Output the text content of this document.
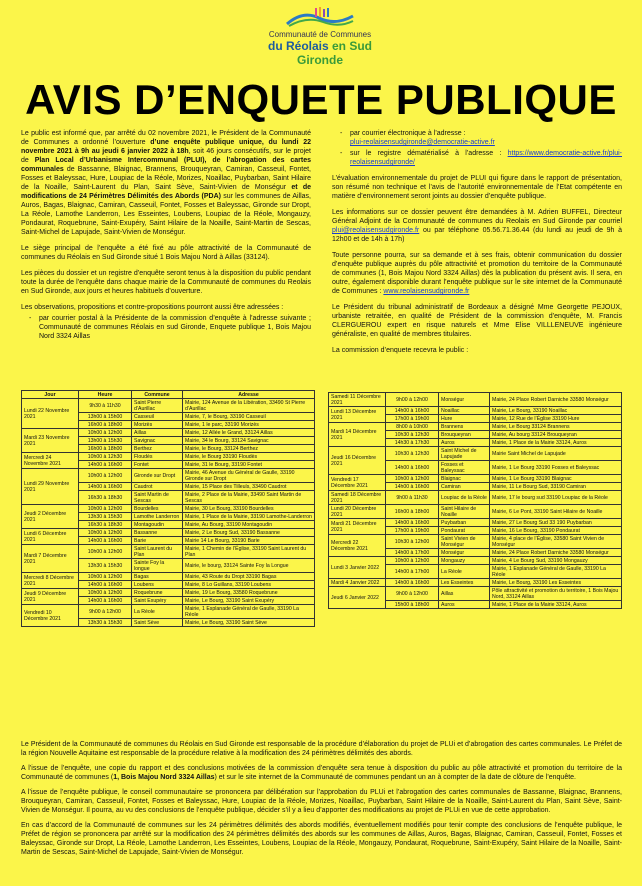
Communauté de Communes
du Réolais en Sud Gironde
AVIS D’ENQUETE PUBLIQUE

Le public est informé que, par arrêté du 02 novembre 2021, le Président de la Communauté de Communes a ordonné l’ouverture d’une enquête publique unique, du lundi 22 novembre 2021 à 9h au jeudi 6 janvier 2022 à 18h, soit 46 jours consécutifs, sur le projet de Plan Local d’Urbanisme Intercommunal (PLUI), de l’abrogation des cartes communales de Bassanne, Blaignac, Brannens, Brouqueyran, Camiran, Casseuil, Fontet, Fosses et Baleyssac, Hure, Loupiac de la Réole, Morizes, Noaillac, Puybarban, Saint Hilaire de la Noaille, Saint-Laurent du Plan, Saint Sève, Saint-Vivien de Monségur et de modifications de 24 Périmètres Délimités des Abords (PDA) sur les communes de Aillas, Auros, Bagas, Blaignac, Camiran, Casseuil, Fontet, Fosses et Baleyssac, Gironde sur Dropt, La Réole, Lamothe Landerron, Les Esseintes, Loubens, Loupiac de la Réole, Mongauzy, Pondaurat, Roquebrune, Saint-Exupéry, Saint Hilaire de la Noaille, Saint-Martin de Sescas, Saint-Michel de Lapujade, Saint-Vivien de Monségur.

Le siège principal de l’enquête a été fixé au pôle attractivité de la Communauté de communes du Réolais en Sud Gironde situé 1 Bois Majou Nord à Aillas (33124).

Les pièces du dossier et un registre d’enquête seront tenus à la disposition du public pendant toute la durée de l’enquête dans chaque mairie de la Communauté de communes du Reolais en Sud Gironde, aux jours et heures habituels d’ouverture.

Les observations, propositions et contre-propositions pourront aussi être adressées :

- par courrier postal à la Présidente de la commission d’enquête à l’adresse suivante ; Communauté de communes Réolais en sud Gironde, Enquete publique 1, Bois Majou Nord 3324 Aillas
- par courrier électronique à l’adresse :
plui-reolaisensudgironde@democratie-active.fr
- sur le registre dématérialisé à l’adresse : https://www.democratie-active.fr/plui-reolaisensudgironde/

L’évaluation environnementale du projet de PLUI qui figure dans le rapport de présentation, son résumé non technique et l’avis de l’autorité environnementale de l’Etat compétente en matière d’environnement seront joints au dossier d’enquête publique.

Les informations sur ce dossier peuvent être demandées à M. Adrien BUFFEL, Directeur Général Adjoint de la Communauté de communes du Reolais en Sud Gironde par courriel plui@reolaisensudgironde.fr ou par téléphone 05.56.71.36.44 (du lundi au jeudi de 9h à 12h00 et de 14h à 17h)

Toute personne pourra, sur sa demande et à ses frais, obtenir communication du dossier d’enquête publique auprès du pôle attractivité et promotion du territoire de la Communauté de communes (1, Bois Majou Nord 3324 Aillas) dès la publication du présent avis. Il sera, en outre, également disponible durant l’enquête publique sur le site internet de la Communauté de Communes : www.reolaisensudgironde.fr

Le Président du tribunal administratif de Bordeaux a désigné Mme Georgette PEJOUX, urbaniste retraitée, en qualité de Président de la commission d’enquête, M. Francis CLERGUEROU expert en risque naturels et Mme Elise VILLLENEUVE ingénieure généraliste, en qualité de membres titulaires.

La commission d’enquete recevra le public :

Jour	Heure	Commune	Adresse
Lundi 22 Novembre 2021	9h30 à 11h30	Saint Pierre d’Aurillac	Mairie, 124 Avenue de la Libération, 33490 St Pierre d’Aurillac
	13h00 à 15h00	Casseuil	Mairie, 7, le Bourg, 33190 Casseuil
	16h00 à 18h00	Morizès	Mairie, 1 le parc, 33190 Morizès
Mardi 23 Novembre 2021	10h00 à 12h00	Aillas	Mairie, 12 Allée le Grand, 33124 Aillas
	13h00 à 15h30	Savignac	Mairie, 34 le Bourg, 33124 Savignac
	16h00 à 18h00	Berthez	Mairie, le Bourg, 33124 Berthez
Mercredi 24 Novembre 2021	10h00 à 12h30	Floudès	Mairie, le Bourg 33190 Floudès
	14h00 à 16h00	Fontet	Mairie, 31 le Bourg, 33190 Fontet
Lundi 29 Novembre 2021	10h00 à 12h00	Gironde sur Dropt	Mairie, 46 Avenue du Général de Gaulle, 33190 Gironde sur Dropt
	14h00 à 16h00	Caudrot	Mairie, 15 Place des Tilleuls, 33490 Caudrot
	16h30 à 18h30	Saint Martin de Sescas	Mairie, 2 Place de la Mairie, 33490 Saint Martin de Sescas
Jeudi 2 Décembre 2021	10h00 à 12h00	Bourdelles	Mairie, 30 Le Bourg, 33190 Bourdelles
	13h30 à 15h30	Lamothe Landerron	Mairie, 1 Place de la Mairie, 33190 Lamothe-Landerron
	16h30 à 18h30	Montagoudin	Mairie, Au Bourg, 33190 Montagoudin
Lundi 6 Décembre 2021	10h00 à 12h00	Bassanne	Mairie, 2 Le Bourg Sud, 33190 Bassanne
	14h00 à 16h00	Barie	Mairie 14 Le Bourg, 33190 Barie
Mardi 7 Décembre 2021	10h00 à 12h00	Saint Laurent du Plan	Mairie, 1 Chemin de l’Église, 33190 Saint Laurent du Plan
	13h30 à 15h30	Sainte Foy la longue	Mairie, le bourg, 33124 Sainte Foy la Longue
Mercredi 8 Décembre 2021	10h00 à 12h00	Bagas	Mairie, 43 Route du Dropt 33190 Bagas
	14h00 à 16h00	Loubens	Mairie, 8 Lo Guillans, 33190 Loubens
Jeudi 9 Décembre 2021	10h00 à 12h00	Roquebrune	Mairie, 19 Le Bourg, 33580 Roquebrune
	14h00 à 16h00	Saint Exupéry	Mairie, Le Bourg, 33190 Saint Exupéry
Vendredi 10 Décembre 2021	9h00 à 12h00	La Réole	Mairie, 1 Esplanade Général de Gaulle, 33190 La Réole
	13h30 à 15h30	Saint Sève	Mairie, Le Bourg, 33190 Saint Sève
Samedi 11 Décembre 2021	9h00 à 12h00	Monségur	Mairie, 24 Place Robert Darniche 33580 Monségur
Lundi 13 Décembre 2021	14h00 à 16h00	Noaillac	Mairie, Le Bourg, 33190 Noaillac
	17h00 à 19h00	Hure	Mairie, 12 Rue de l’Église 33190 Hure
Mardi 14 Décembre 2021	8h00 à 10h00	Brannens	Mairie, Le Bourg 33124 Brannens
	10h30 à 12h30	Brouqueyran	Mairie, Au bourg 33124 Brouqueyran
	14h30 à 17h30	Auros	Mairie, 1 Place de la Mairie 33124, Auros
Jeudi 16 Décembre 2021	10h30 à 12h30	Saint Michel de Lapujade	Mairie Saint Michel de Lapujade
	14h00 à 16h00	Fosses et Baleyssac	Mairie, 1 Le Bourg 33190 Fosses et Baleyssac
Vendredi 17 Décembre 2021	10h00 à 12h00	Blaignac	Mairie, 1 Le Bourg 33190 Blaignac
	14h00 à 16h00	Camiran	Mairie, 11 Le Bourg Sud, 33190 Camiran
Samedi 18 Décembre 2021	9h00 à 11h30	Loupiac de la Réole	Mairie, 17 le bourg sud 33190 Loupiac de la Réole
Lundi 20 Décembre 2021	16h00 à 18h00	Saint Hilaire de Noaille	Mairie, 6 Le Pont, 33190 Saint Hilaire de Noaille
Mardi 21 Décembre 2021	14h00 à 16h00	Puybarban	Mairie, 27 Le Bourg Sud 33 190 Puybarban
	17h00 à 19h00	Pondaurat	Mairie, 16 Le Bourg, 33190 Pondaurat
Mercredi 22 Décembre 2021	10h30 à 12h00	Saint Vivien de Monségur	Mairie, 4 place de l’Église, 33580 Saint Vivien de Monségur
	14h00 à 17h00	Monségur	Mairie, 24 Place Robert Darniche 33580 Monségur
Lundi 3 Janvier 2022	10h00 à 12h00	Mongauzy	Mairie, 4 Le Bourg Sud, 33190 Mongauzy
	14h00 à 17h00	La Réole	Mairie, 1 Esplanade Général de Gaulle, 33190 La Réole
Mardi 4 Janvier 2022	14h00 à 16h00	Les Esseintes	Mairie, Le Bourg, 33190 Les Esseintes
Jeudi 6 Janvier 2022	9h00 à 12h00	Aillas	Pôle attractivité et promotion du territoire, 1 Bois Majou Nord, 33124 Aillas
	15h00 à 18h00	Auros	Mairie, 1 Place de la Mairie 33124, Auros

Le Président de la Communauté de communes du Réolais en Sud Gironde est responsable de la procédure d’élaboration du projet de PLUi et d’abrogation des cartes communales. Le Préfet de la région Nouvelle Aquitaine est responsable de la procédure relative à la modification des 24 périmètres délimités des abords.

A l’issue de l’enquête, une copie du rapport et des conclusions motivées de la commission d’enquête sera tenue à disposition du public au pôle attractivité et promotion du territoire de la Communauté de communes (1, Bois Majou Nord 3324 Aillas) et sur le site internet de la Communauté de communes pendant un an à compter de la date de clôture de l’enquête.

A l’issue de l’enquête publique, le conseil communautaire se prononcera par délibération sur l’approbation du PLUi et l’abrogation des cartes communales de Bassanne, Blaignac, Brannens, Brouqueyran, Camiran, Casseuil, Fontet, Fosses et Baleyssac, Hure, Loupiac de la Réole, Morizes, Noaillac, Puybarban, Saint Hilaire de la Noaille, Saint-Laurent du Plan, Saint Sève, Saint-Vivien de Monségur. Il pourra, au vu des conclusions de l’enquête publique, décider s’il y a lieu d’apporter des modifications au projet de PLUi en vue de cette approbation.

En cas d’accord de la Communauté de communes sur les 24 périmètres délimités des abords modifiés, éventuellement modifiés pour tenir compte des conclusions de l’enquête publique, le Préfet de région se prononcera par arrêté sur la modification des 24 périmètres délimités des abords sur les communes de Aillas, Auros, Bagas, Blaignac, Camiran, Casseuil, Fontet, Fosses et Baleyssac, Gironde sur Dropt, La Réole, Lamothe Landerron, Les Esseintes, Loubens, Loupiac de la Réole, Mongauzy, Pondaurat, Roquebrune, Saint-Exupéry, Saint Hilaire de la Noaille, Saint-Martin de Sescas, Saint-Michel de Lapujade, Saint-Vivien de Monségur.
